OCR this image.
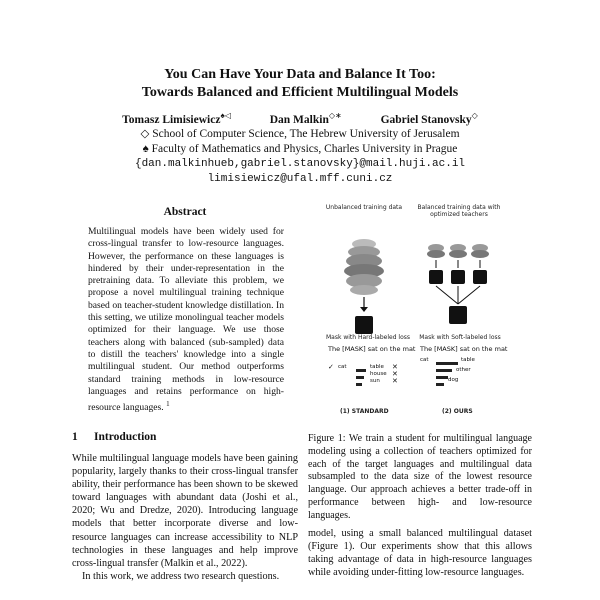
You Can Have Your Data and Balance It Too:
Towards Balanced and Efficient Multilingual Models
Tomasz Limisiewicz♠◁	Dan Malkin◇∗	Gabriel Stanovsky◇
◇ School of Computer Science, The Hebrew University of Jerusalem
♠ Faculty of Mathematics and Physics, Charles University in Prague
{dan.malkinhueb,gabriel.stanovsky}@mail.huji.ac.il
limisiewicz@ufal.mff.cuni.cz
Abstract
Multilingual models have been widely used for cross-lingual transfer to low-resource languages. However, the performance on these languages is hindered by their under-representation in the pretraining data. To alleviate this problem, we propose a novel multilingual training technique based on teacher-student knowledge distillation. In this setting, we utilize monolingual teacher models optimized for their language. We use those teachers along with balanced (sub-sampled) data to distill the teachers' knowledge into a single multilingual student. Our method outperforms standard training methods in low-resource languages and retains performance on high-resource languages. $^1$
1 Introduction

While multilingual language models have been gaining popularity, largely thanks to their cross-lingual transfer ability, their performance has been shown to be skewed toward languages with abundant data (Joshi et al., 2020; Wu and Dredze, 2020). Introducing language models that better incorporate diverse and low-resource languages can increase accessibility to NLP technologies in these languages and help improve cross-lingual transfer (Malkin et al., 2022).

In this work, we address two research questions.

Unbalanced training data	Balanced training data with optimized teachers
Mask with Hard-labeled loss	Mask with Soft-labeled loss
The [MASK] sat on the mat The [MASK] sat on the mat
✓ cat	table
house
sun
✕
✕
✕
cat	table
other
dog
(1) STANDARD	(2) OURS
Figure 1: We train a student for multilingual language modeling using a collection of teachers optimized for each of the target languages and multilingual data subsampled to the data size of the lowest resource language. Our approach achieves a better trade-off in performance between high- and low-resource languages.
model, using a small balanced multilingual dataset (Figure 1). Our experiments show that this allows taking advantage of data in high-resource languages while avoiding under-fitting low-resource languages.
